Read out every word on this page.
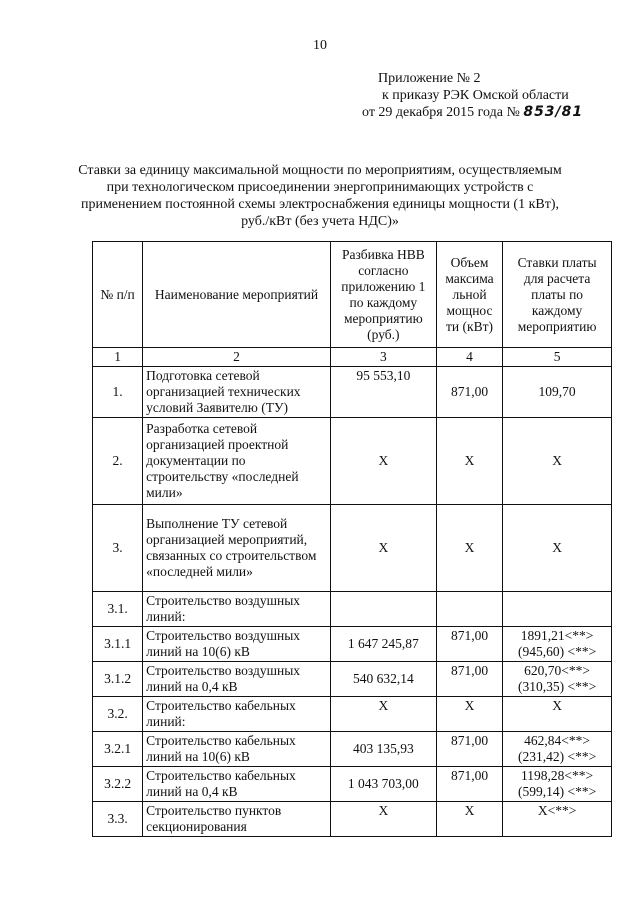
10
Приложение № 2
к приказу РЭК Омской области
от 29 декабря 2015 года № 853/81
Ставки за единицу максимальной мощности по мероприятиям, осуществляемым при технологическом присоединении энергопринимающих устройств с применением постоянной схемы электроснабжения единицы мощности (1 кВт), руб./кВт (без учета НДС)»
№ п/п	Наименование мероприятий	Разбивка НВВ согласно приложению 1 по каждому мероприятию (руб.)	Объем максима льной мощнос ти (кВт)	Ставки платы для расчета платы по каждому мероприятию
1	2	3	4	5
1.	Подготовка сетевой организацией технических условий Заявителю (ТУ)	95 553,10	871,00	109,70
2.	Разработка сетевой организацией проектной документации по строительству «последней мили»	Х	Х	Х
3.	Выполнение ТУ сетевой организацией мероприятий, связанных со строительством «последней мили»	Х	Х	Х
3.1.	Строительство воздушных линий:			
3.1.1	Строительство воздушных линий на 10(6) кВ	1 647 245,87	871,00	1891,21<**>
(945,60) <**>

3.1.2	Строительство воздушных линий на 0,4 кВ	540 632,14	871,00	620,70<**>
(310,35) <**>

3.2.	Строительство кабельных линий:	Х	Х	Х
3.2.1	Строительство кабельных линий на 10(6) кВ	403 135,93	871,00	462,84<**>
(231,42) <**>

3.2.2	Строительство кабельных линий на 0,4 кВ	1 043 703,00	871,00	1198,28<**>
(599,14) <**>

3.3.	Строительство пунктов секционирования	Х	Х	Х<**>
